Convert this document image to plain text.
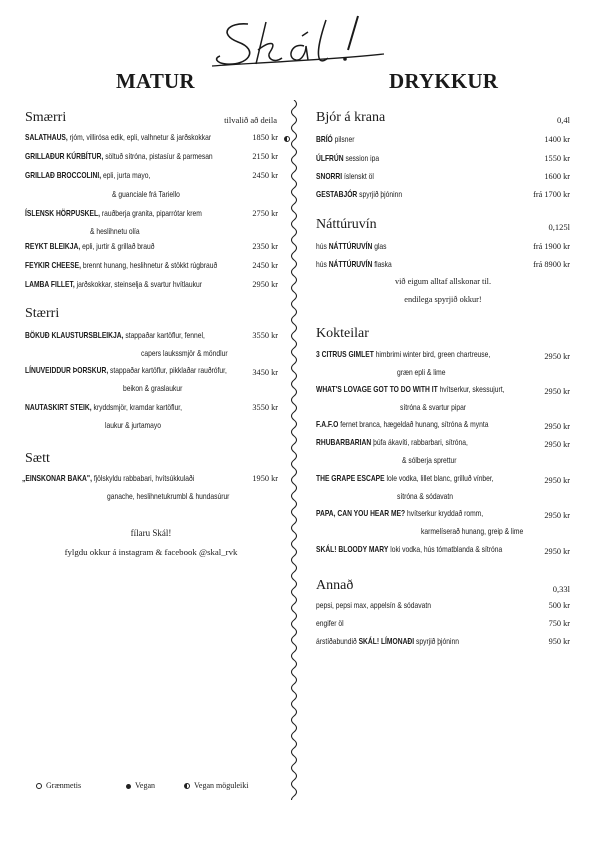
MATUR	DRYKKUR
Smærri	tilvalið að deila
SALATHAUS, rjóm, villirósa edik, epli, valhnetur & jarðskokkar	1850 kr
GRILLAÐUR KÚRBÍTUR, söltuð sítróna, pistasíur & parmesan	2150 kr
GRILLAÐ BROCCOLINI, epli, jurta mayo,	2450 kr
& guanciale frá Tariello
ÍSLENSK HÖRPUSKEL, rauðberja granita, piparrótar krem	2750 kr
& heslihnetu olía
REYKT BLEIKJA, epli, jurtir & grillað brauð	2350 kr
FEYKIR CHEESE, brennt hunang, heslihnetur & stökkt rúgbrauð	2450 kr
LAMBA FILLET, jarðskokkar, steinselja & svartur hvítlaukur	2950 kr
Stærri
BÖKUÐ KLAUSTURSBLEIKJA, stappaðar kartöflur, fennel,	3550 kr
capers laukssmjör & möndlur
LÍNUVEIDDUR ÞORSKUR, stappaðar kartöflur, pikklaðar rauðrófur,	3450 kr
beikon & graslaukur
NAUTASKIRT STEIK, kryddsmjör, kramdar kartöflur,	3550 kr
laukur & jurtamayo
Sætt
„EINSKONAR BAKA", fjölskyldu rabbabari, hvítsúkkulaði	1950 kr
ganache, heslihnetukrumbl & hundasúrur
fílaru Skál!
fylgdu okkur á instagram & facebook @skal_rvk
Bjór á krana	0,4l
BRÍÓ pilsner	1400 kr
ÚLFRÚN session ipa	1550 kr
SNORRI íslenskt öl	1600 kr
GESTABJÓR spyrjið þjóninn	frá 1700 kr
Náttúruvín	0,125l
hús NÁTTÚRUVÍN glas	frá 1900 kr
hús NÁTTÚRUVÍN flaska	frá 8900 kr
við eigum alltaf allskonar til.
endilega spyrjið okkur!
Kokteilar
3 CITRUS GIMLET himbrimi winter bird, green chartreuse,	2950 kr
græn epli & lime
WHAT'S LOVAGE GOT TO DO WITH IT hvítserkur, skessujurt,	2950 kr
sítróna & svartur pipar
F.A.F.O fernet branca, hægeldað hunang, sítróna & mynta	2950 kr
RHUBARBARIAN þúfa ákavíti, rabbarbari, sítróna,	2950 kr
& sólberja sprettur
THE GRAPE ESCAPE lole vodka, lillet blanc, grilluð vínber,	2950 kr
sítróna & sódavatn
PAPA, CAN YOU HEAR ME? hvítserkur kryddað romm,	2950 kr
karmelíserað hunang, greip & lime
SKÁL! BLOODY MARY loki vodka, hús tómatblanda & sítróna	2950 kr
Annað	0,33l
pepsi, pepsi max, appelsín & sódavatn	500 kr
engifer öl	750 kr
árstíðabundið SKÁL! LÍMONAÐI spyrjið þjóninn	950 kr
Grænmetis	Vegan	Vegan möguleiki
